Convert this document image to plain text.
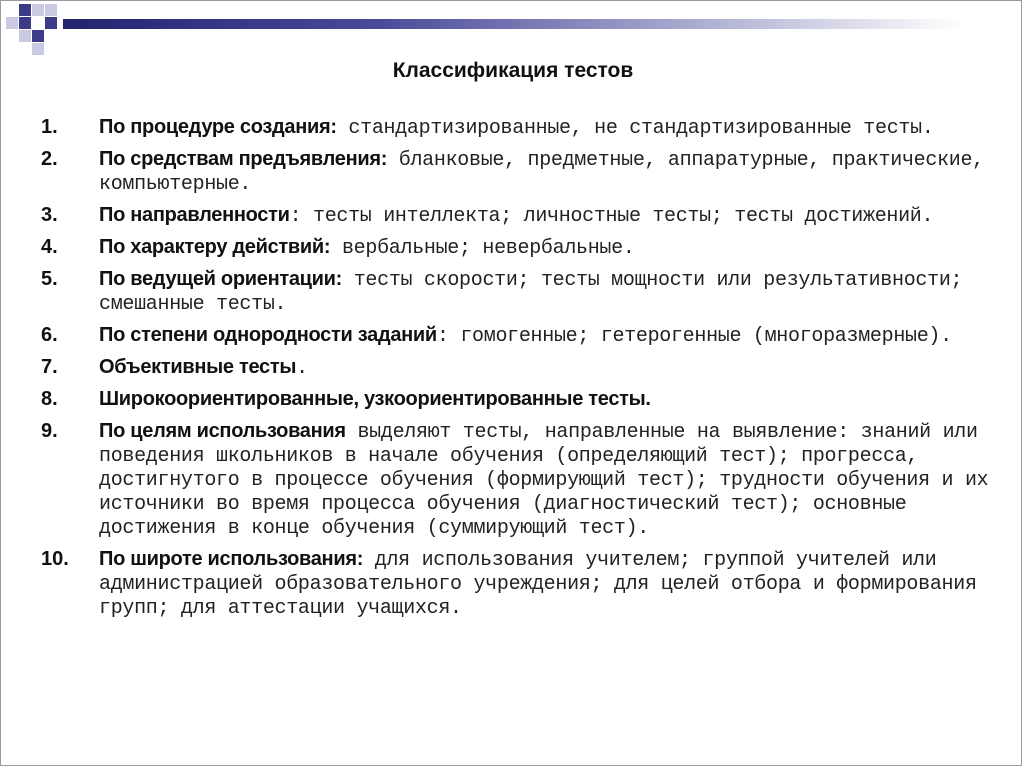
Классификация тестов
1.	По процедуре создания: стандартизированные, не стандартизированные тесты.
2.	По средствам предъявления: бланковые, предметные, аппаратурные, практические, компьютерные.
3.	По направленности: тесты интеллекта; личностные тесты; тесты достижений.
4.	По характеру действий: вербальные; невербальные.
5.	По ведущей ориентации: тесты скорости; тесты мощности или результативности; смешанные тесты.
6.	По степени однородности заданий: гомогенные; гетерогенные (многоразмерные).
7.	Объективные тесты.
8.	Широкоориентированные, узкоориентированные тесты.
9.	По целям использования выделяют тесты, направленные на выявление: знаний или поведения школьников в начале обучения (определяющий тест); прогресса, достигнутого в процессе обучения (формирующий тест); трудности обучения и их источники во время процесса обучения (диагностический тест); основные достижения в конце обучения (суммирующий тест).
10.	По широте использования: для использования учителем; группой учителей или администрацией образовательного учреждения; для целей отбора и формирования групп; для аттестации учащихся.
